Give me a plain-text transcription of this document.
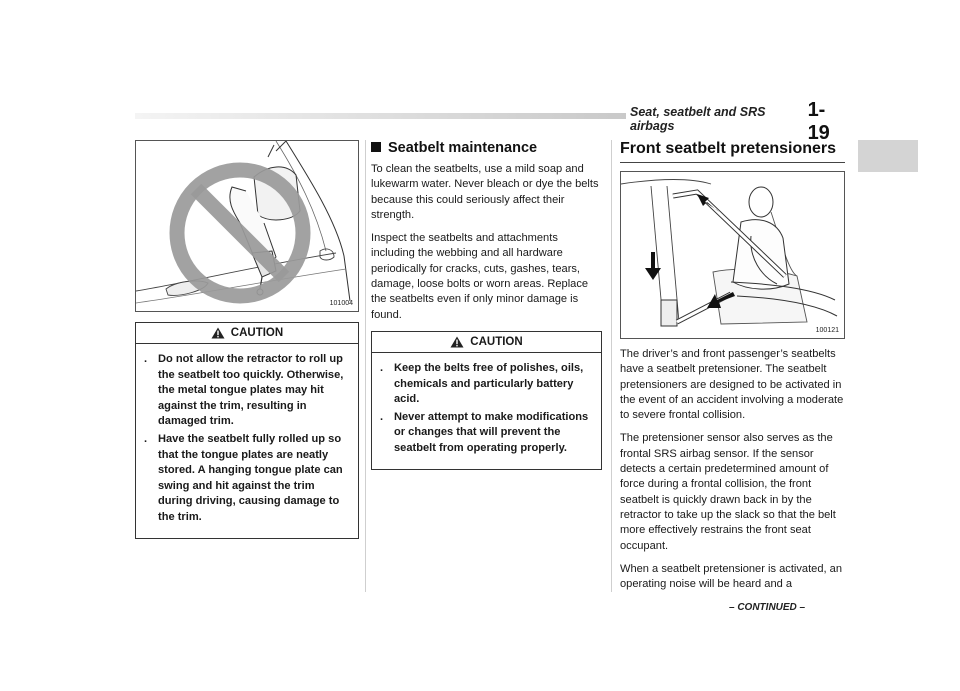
Seat, seatbelt and SRS airbags
1-19
101004
CAUTION
. Do not allow the retractor to roll up the seatbelt too quickly. Otherwise, the metal tongue plates may hit against the trim, resulting in damaged trim.
. Have the seatbelt fully rolled up so that the tongue plates are neatly stored. A hanging tongue plate can swing and hit against the trim during driving, causing damage to the trim.
Seatbelt maintenance

To clean the seatbelts, use a mild soap and lukewarm water. Never bleach or dye the belts because this could seriously affect their strength.

Inspect the seatbelts and attachments including the webbing and all hardware periodically for cracks, cuts, gashes, tears, damage, loose bolts or worn areas. Replace the seatbelts even if only minor damage is found.

CAUTION
. Keep the belts free of polishes, oils, chemicals and particularly battery acid.
. Never attempt to make modifications or changes that will prevent the seatbelt from operating properly.
Front seatbelt pretensioners
100121

The driver’s and front passenger’s seatbelts have a seatbelt pretensioner. The seatbelt pretensioners are designed to be activated in the event of an accident involving a moderate to severe frontal collision.

The pretensioner sensor also serves as the frontal SRS airbag sensor. If the sensor detects a certain predetermined amount of force during a frontal collision, the front seatbelt is quickly drawn back in by the retractor to take up the slack so that the belt more effectively restrains the front seat occupant.

When a seatbelt pretensioner is activated, an operating noise will be heard and a

– CONTINUED –
